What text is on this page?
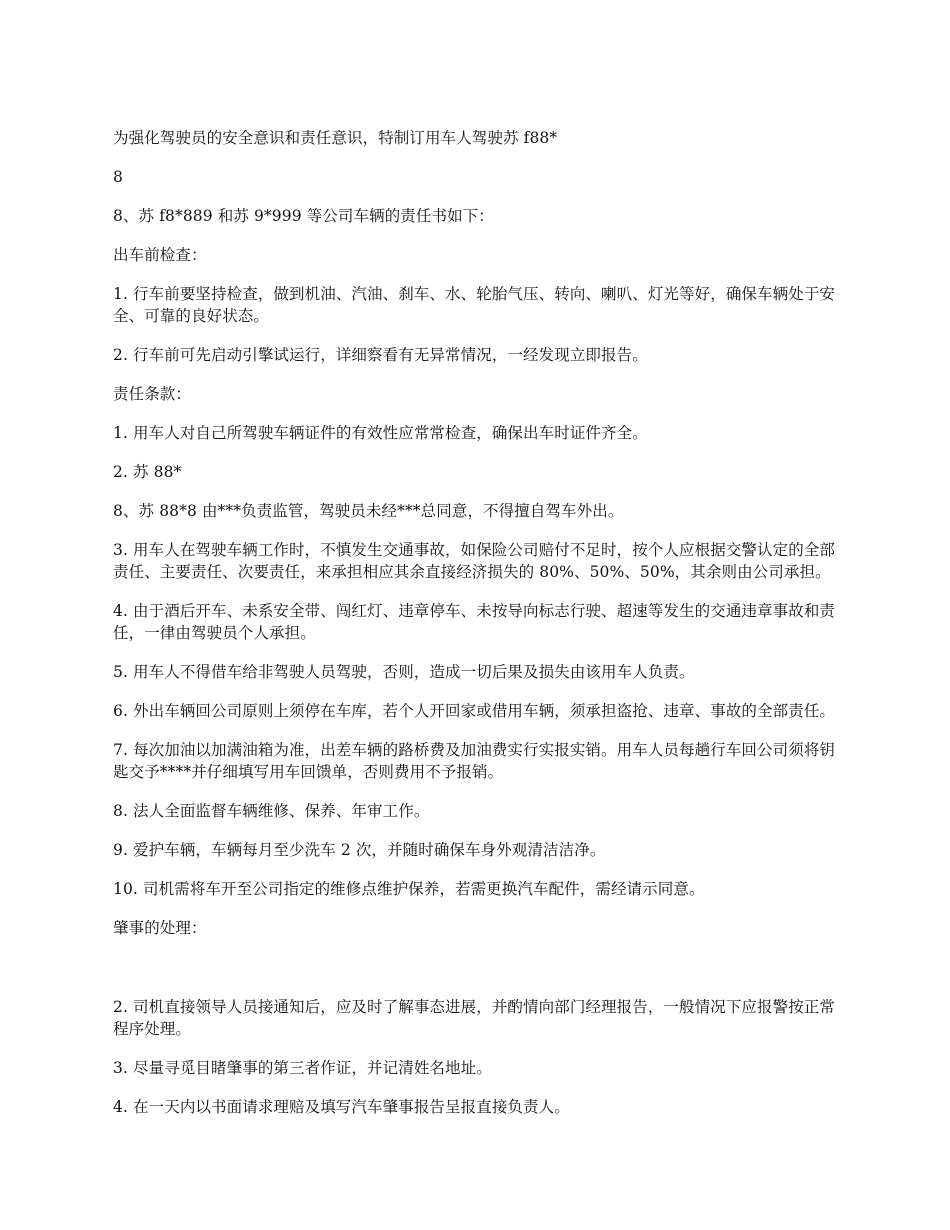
为强化驾驶员的安全意识和责任意识，特制订用车人驾驶苏 f88*

8

8、苏 f8*889 和苏 9*999 等公司车辆的责任书如下：

出车前检查：

1. 行车前要坚持检查，做到机油、汽油、刹车、水、轮胎气压、转向、喇叭、灯光等好，确保车辆处于安全、可靠的良好状态。

2. 行车前可先启动引擎试运行，详细察看有无异常情况，一经发现立即报告。

责任条款：

1. 用车人对自己所驾驶车辆证件的有效性应常常检查，确保出车时证件齐全。

2. 苏 88*

8、苏 88*8 由***负责监管，驾驶员未经***总同意，不得擅自驾车外出。

3. 用车人在驾驶车辆工作时，不慎发生交通事故，如保险公司赔付不足时，按个人应根据交警认定的全部责任、主要责任、次要责任，来承担相应其余直接经济损失的 80%、50%、50%，其余则由公司承担。

4. 由于酒后开车、未系安全带、闯红灯、违章停车、未按导向标志行驶、超速等发生的交通违章事故和责任，一律由驾驶员个人承担。

5. 用车人不得借车给非驾驶人员驾驶，否则，造成一切后果及损失由该用车人负责。

6. 外出车辆回公司原则上须停在车库，若个人开回家或借用车辆，须承担盗抢、违章、事故的全部责任。

7. 每次加油以加满油箱为准，出差车辆的路桥费及加油费实行实报实销。用车人员每趟行车回公司须将钥匙交予****并仔细填写用车回馈单，否则费用不予报销。

8. 法人全面监督车辆维修、保养、年审工作。

9. 爱护车辆，车辆每月至少洗车 2 次，并随时确保车身外观清洁洁净。

10. 司机需将车开至公司指定的维修点维护保养，若需更换汽车配件，需经请示同意。

肇事的处理：

2. 司机直接领导人员接通知后，应及时了解事态进展，并酌情向部门经理报告，一般情况下应报警按正常程序处理。

3. 尽量寻觅目睹肇事的第三者作证，并记清姓名地址。

4. 在一天内以书面请求理赔及填写汽车肇事报告呈报直接负责人。
